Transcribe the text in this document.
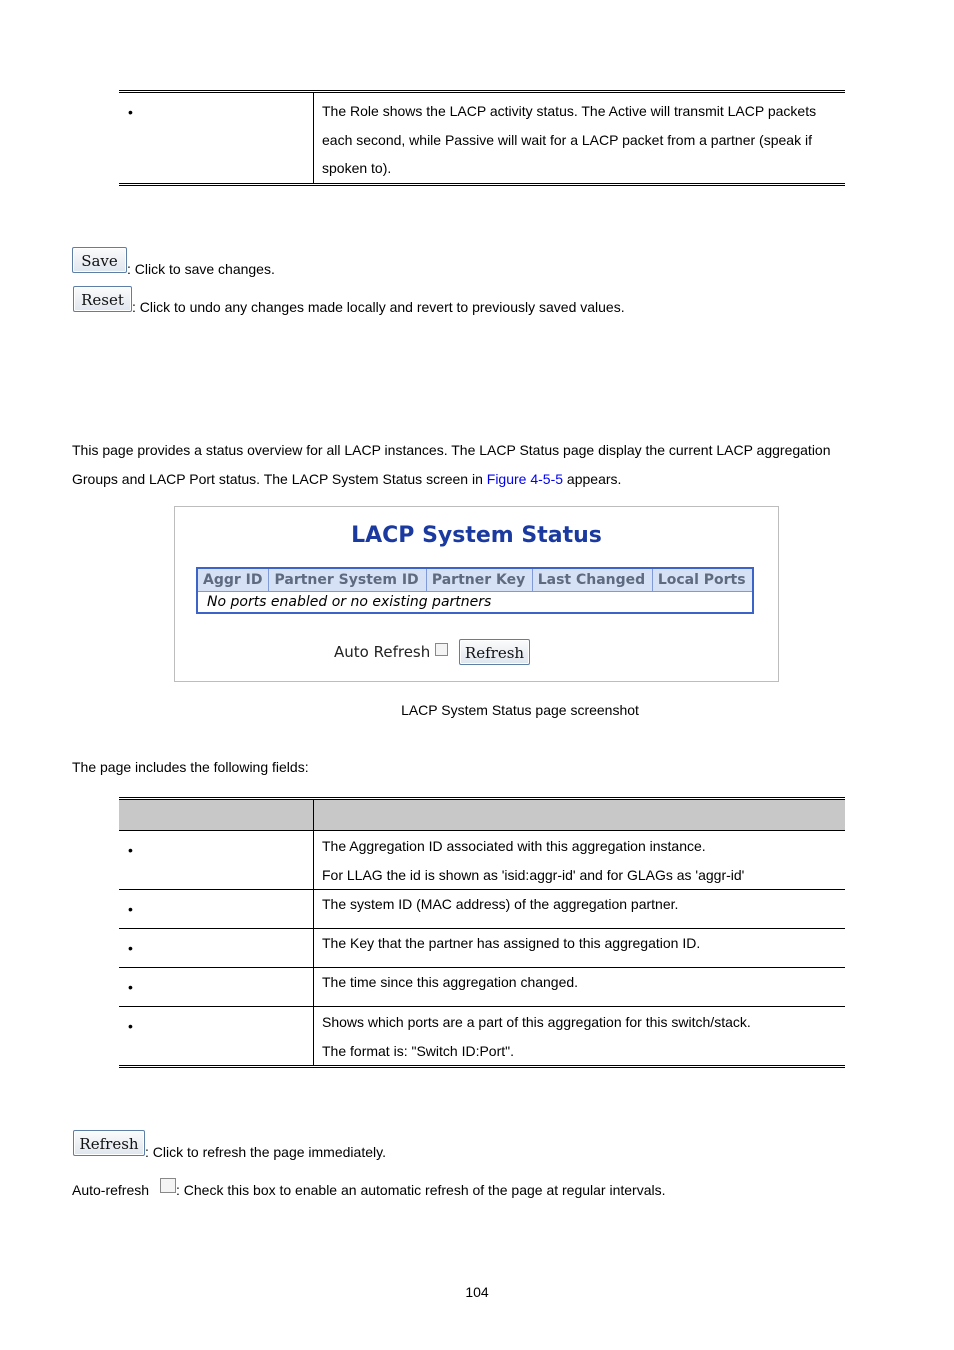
•	The Role shows the LACP activity status. The Active will transmit LACP packets
each second, while Passive will wait for a LACP packet from a partner (speak if
spoken to).
Save : Click to save changes.
Reset : Click to undo any changes made locally and revert to previously saved values.
This page provides a status overview for all LACP instances. The LACP Status page display the current LACP aggregation
Groups and LACP Port status. The LACP System Status screen in Figure 4-5-5 appears.
LACP System Status
Aggr ID	Partner System ID	Partner Key	Last Changed	Local Ports
No ports enabled or no existing partners
Auto Refresh	Refresh
LACP System Status page screenshot
The page includes the following fields:

•	The Aggregation ID associated with this aggregation instance.
For LLAG the id is shown as 'isid:aggr-id' and for GLAGs as 'aggr-id'

•	The system ID (MAC address) of the aggregation partner.

•	The Key that the partner has assigned to this aggregation ID.

•	The time since this aggregation changed.

•	Shows which ports are a part of this aggregation for this switch/stack.
The format is: "Switch ID:Port".
Refresh : Click to refresh the page immediately.
Auto-refresh : Check this box to enable an automatic refresh of the page at regular intervals.
104
